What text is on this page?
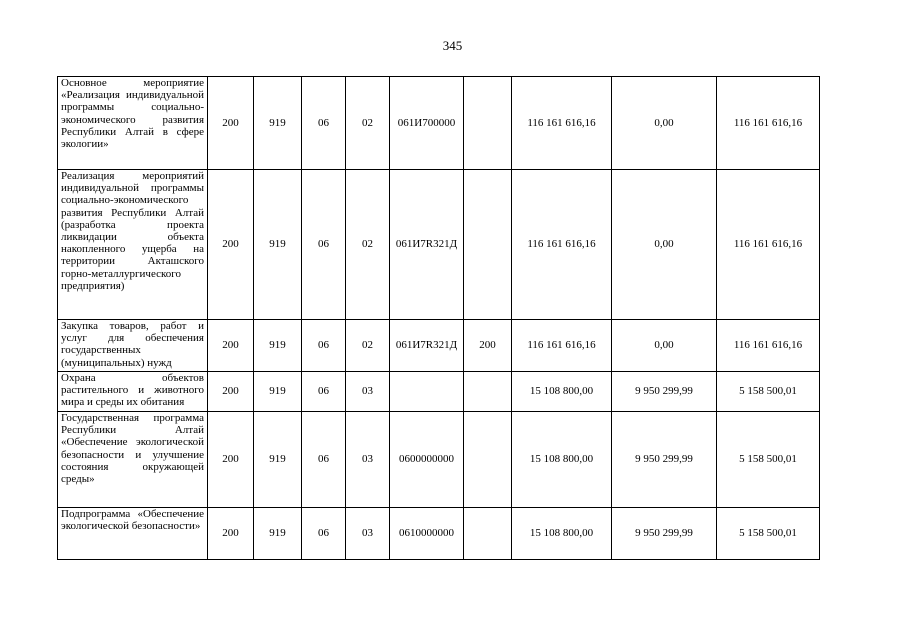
345
Основное мероприятие «Реализация индивидуальной программы социально-экономического развития Республики Алтай в сфере экологии»	200	919	06	02	061И700000		116 161 616,16	0,00	116 161 616,16
Реализация мероприятий индивидуальной программы социально-экономического развития Республики Алтай (разработка проекта ликвидации объекта накопленного ущерба на территории Акташского горно-металлургического предприятия)	200	919	06	02	061И7R321Д		116 161 616,16	0,00	116 161 616,16
Закупка товаров, работ и услуг для обеспечения государственных (муниципальных) нужд	200	919	06	02	061И7R321Д	200	116 161 616,16	0,00	116 161 616,16
Охрана объектов растительного и животного мира и среды их обитания	200	919	06	03			15 108 800,00	9 950 299,99	5 158 500,01
Государственная программа Республики Алтай «Обеспечение экологической безопасности и улучшение состояния окружающей среды»	200	919	06	03	0600000000		15 108 800,00	9 950 299,99	5 158 500,01
Подпрограмма «Обеспечение экологической безопасности»	200	919	06	03	0610000000		15 108 800,00	9 950 299,99	5 158 500,01
